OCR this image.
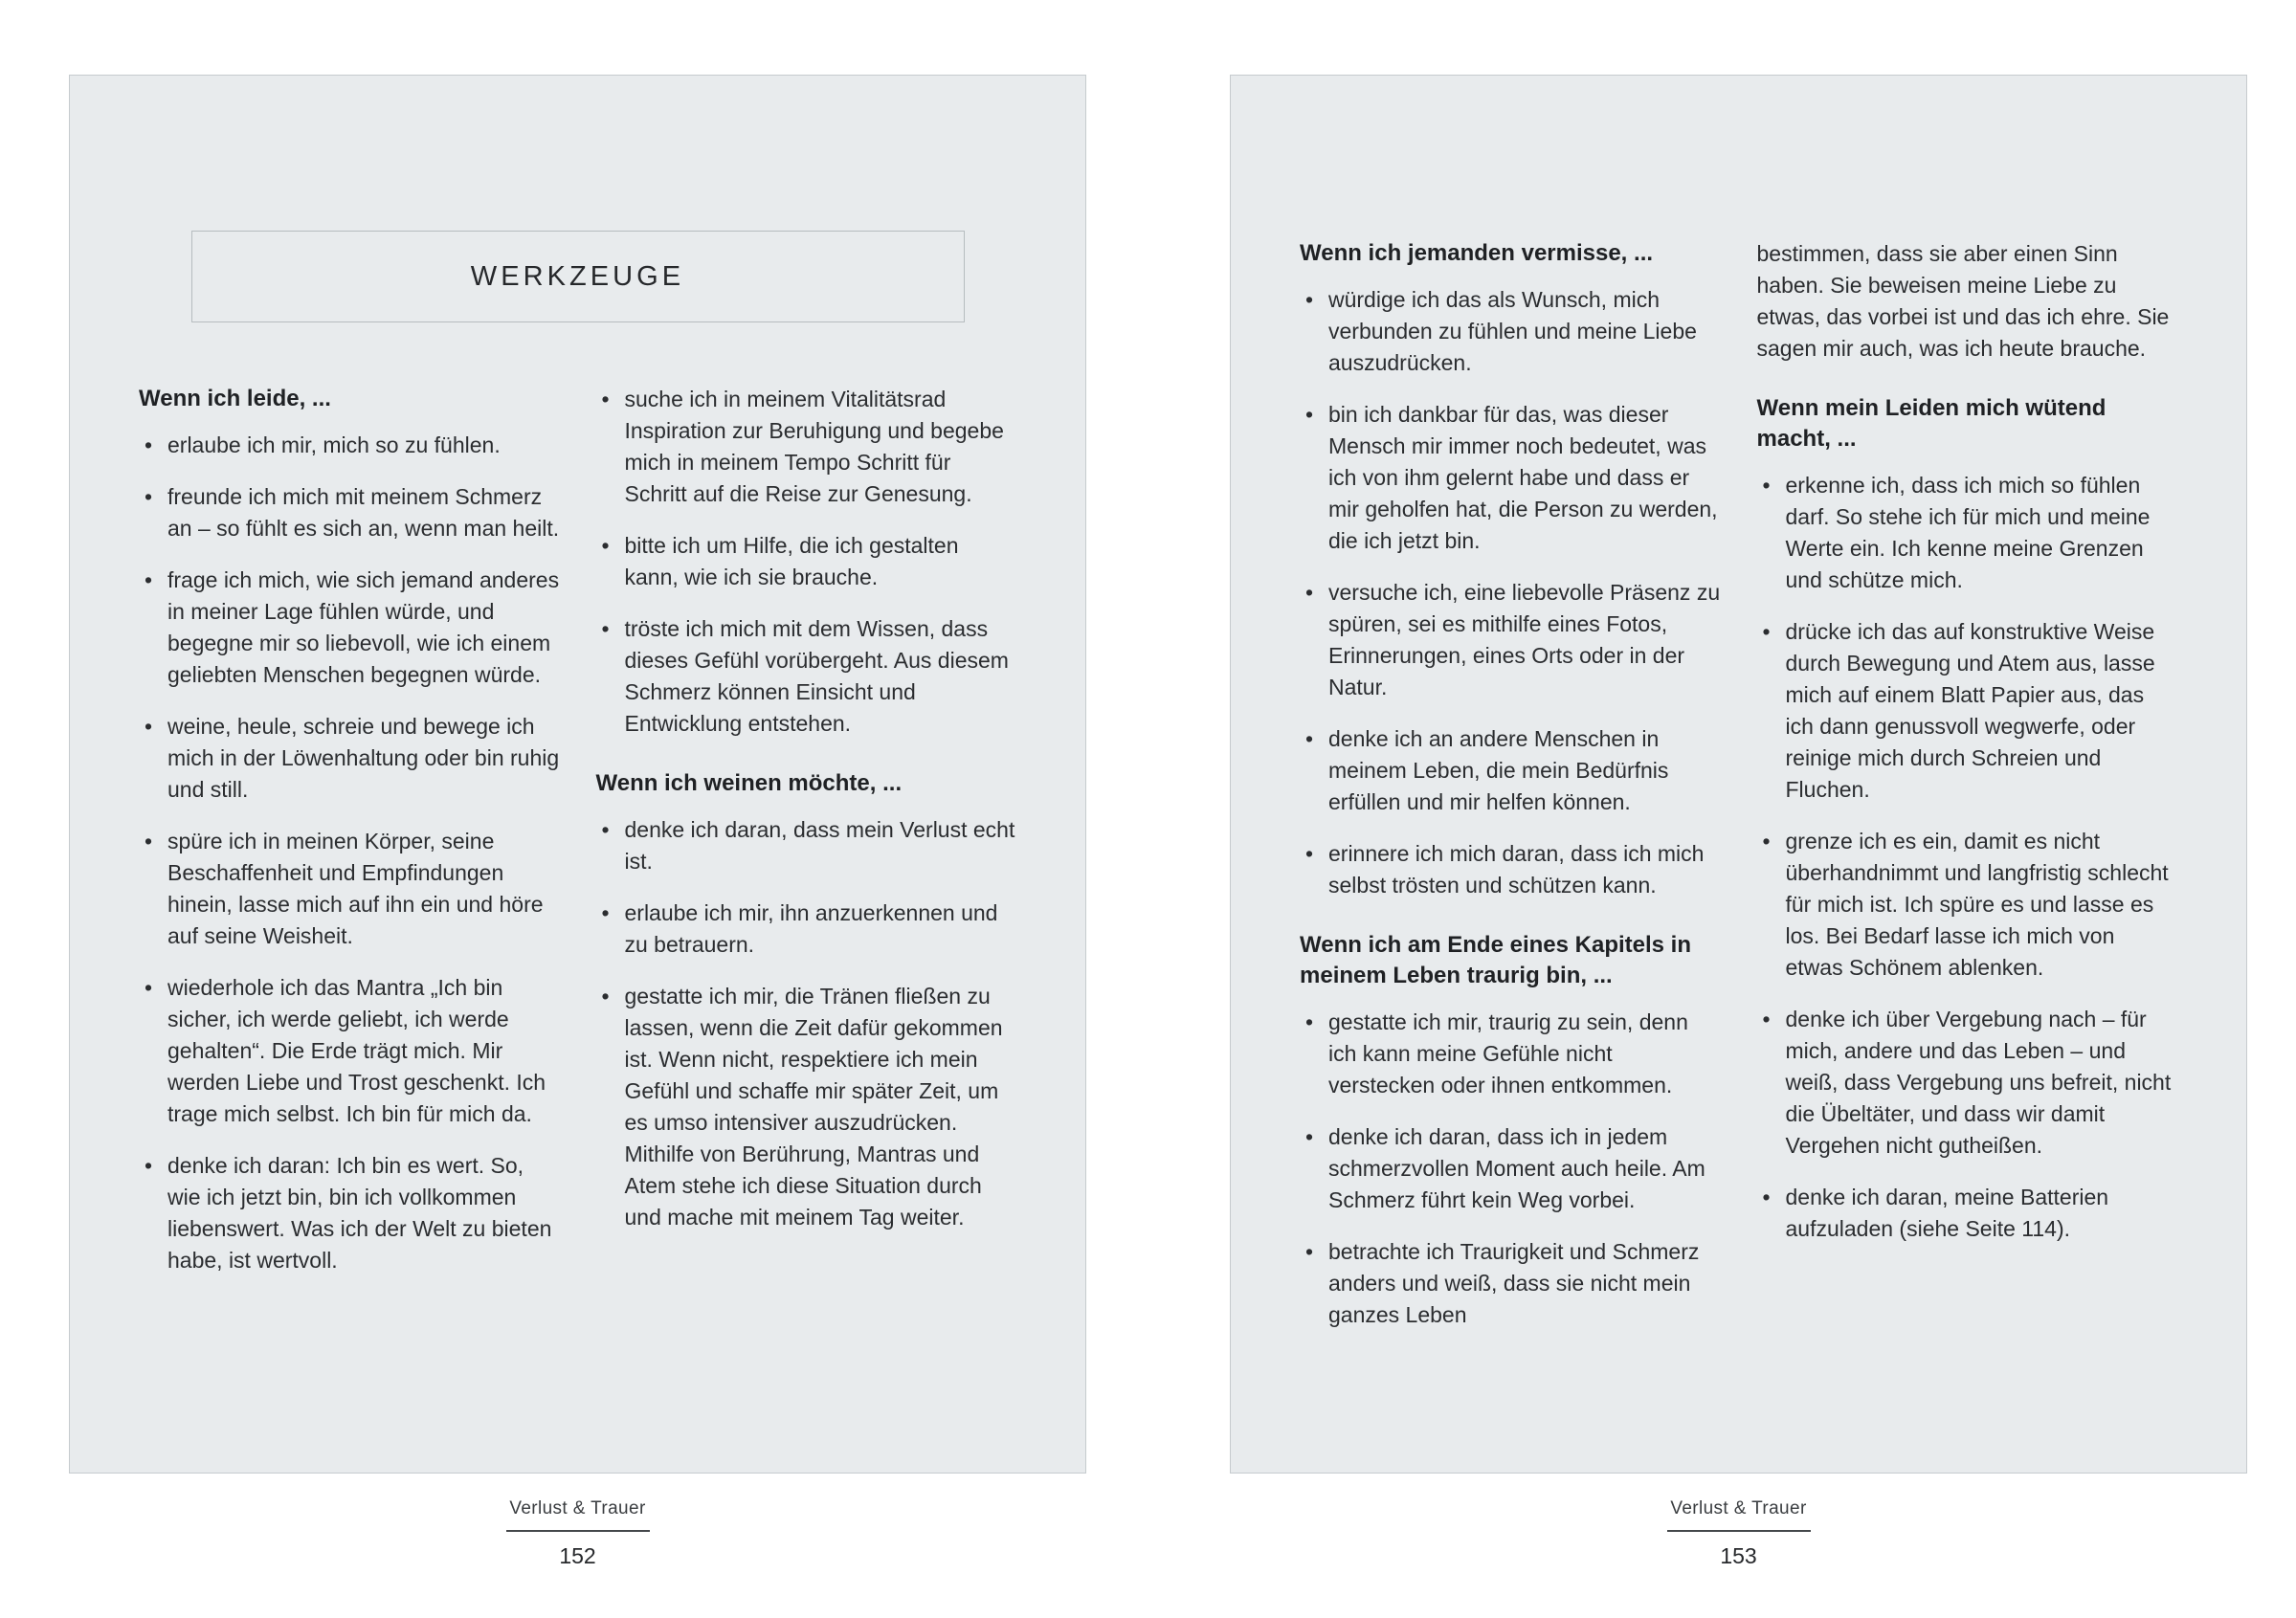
WERKZEUGE
Wenn ich leide, ...
• erlaube ich mir, mich so zu fühlen.
• freunde ich mich mit meinem Schmerz an – so fühlt es sich an, wenn man heilt.
• frage ich mich, wie sich jemand anderes in meiner Lage fühlen würde, und begegne mir so liebevoll, wie ich einem geliebten Menschen begegnen würde.
• weine, heule, schreie und bewege ich mich in der Löwenhaltung oder bin ruhig und still.
• spüre ich in meinen Körper, seine Beschaffenheit und Empfindungen hinein, lasse mich auf ihn ein und höre auf seine Weisheit.
• wiederhole ich das Mantra „Ich bin sicher, ich werde geliebt, ich werde gehalten“. Die Erde trägt mich. Mir werden Liebe und Trost geschenkt. Ich trage mich selbst. Ich bin für mich da.
• denke ich daran: Ich bin es wert. So, wie ich jetzt bin, bin ich vollkommen liebenswert. Was ich der Welt zu bieten habe, ist wertvoll.
• suche ich in meinem Vitalitätsrad Inspiration zur Beruhigung und begebe mich in meinem Tempo Schritt für Schritt auf die Reise zur Genesung.
• bitte ich um Hilfe, die ich gestalten kann, wie ich sie brauche.
• tröste ich mich mit dem Wissen, dass dieses Gefühl vorübergeht. Aus diesem Schmerz können Einsicht und Entwicklung entstehen.
Wenn ich weinen möchte, ...
• denke ich daran, dass mein Verlust echt ist.
• erlaube ich mir, ihn anzuerkennen und zu betrauern.
• gestatte ich mir, die Tränen fließen zu lassen, wenn die Zeit dafür gekommen ist. Wenn nicht, respektiere ich mein Gefühl und schaffe mir später Zeit, um es umso intensiver auszudrücken. Mithilfe von Berührung, Mantras und Atem stehe ich diese Situation durch und mache mit meinem Tag weiter.
Wenn ich jemanden vermisse, ...
• würdige ich das als Wunsch, mich verbunden zu fühlen und meine Liebe auszudrücken.
• bin ich dankbar für das, was dieser Mensch mir immer noch bedeutet, was ich von ihm gelernt habe und dass er mir geholfen hat, die Person zu werden, die ich jetzt bin.
• versuche ich, eine liebevolle Präsenz zu spüren, sei es mithilfe eines Fotos, Erinnerungen, eines Orts oder in der Natur.
• denke ich an andere Menschen in meinem Leben, die mein Bedürfnis erfüllen und mir helfen können.
• erinnere ich mich daran, dass ich mich selbst trösten und schützen kann.
Wenn ich am Ende eines Kapitels in meinem Leben traurig bin, ...
• gestatte ich mir, traurig zu sein, denn ich kann meine Gefühle nicht verstecken oder ihnen entkommen.
• denke ich daran, dass ich in jedem schmerzvollen Moment auch heile. Am Schmerz führt kein Weg vorbei.
• betrachte ich Traurigkeit und Schmerz anders und weiß, dass sie nicht mein ganzes Leben
bestimmen, dass sie aber einen Sinn haben. Sie beweisen meine Liebe zu etwas, das vorbei ist und das ich ehre. Sie sagen mir auch, was ich heute brauche.
Wenn mein Leiden mich wütend macht, ...
• erkenne ich, dass ich mich so fühlen darf. So stehe ich für mich und meine Werte ein. Ich kenne meine Grenzen und schütze mich.
• drücke ich das auf konstruktive Weise durch Bewegung und Atem aus, lasse mich auf einem Blatt Papier aus, das ich dann genussvoll wegwerfe, oder reinige mich durch Schreien und Fluchen.
• grenze ich es ein, damit es nicht überhandnimmt und langfristig schlecht für mich ist. Ich spüre es und lasse es los. Bei Bedarf lasse ich mich von etwas Schönem ablenken.
• denke ich über Vergebung nach – für mich, andere und das Leben – und weiß, dass Vergebung uns befreit, nicht die Übeltäter, und dass wir damit Vergehen nicht gutheißen.
• denke ich daran, meine Batterien aufzuladen (siehe Seite 114).
Verlust & Trauer
152
Verlust & Trauer
153
